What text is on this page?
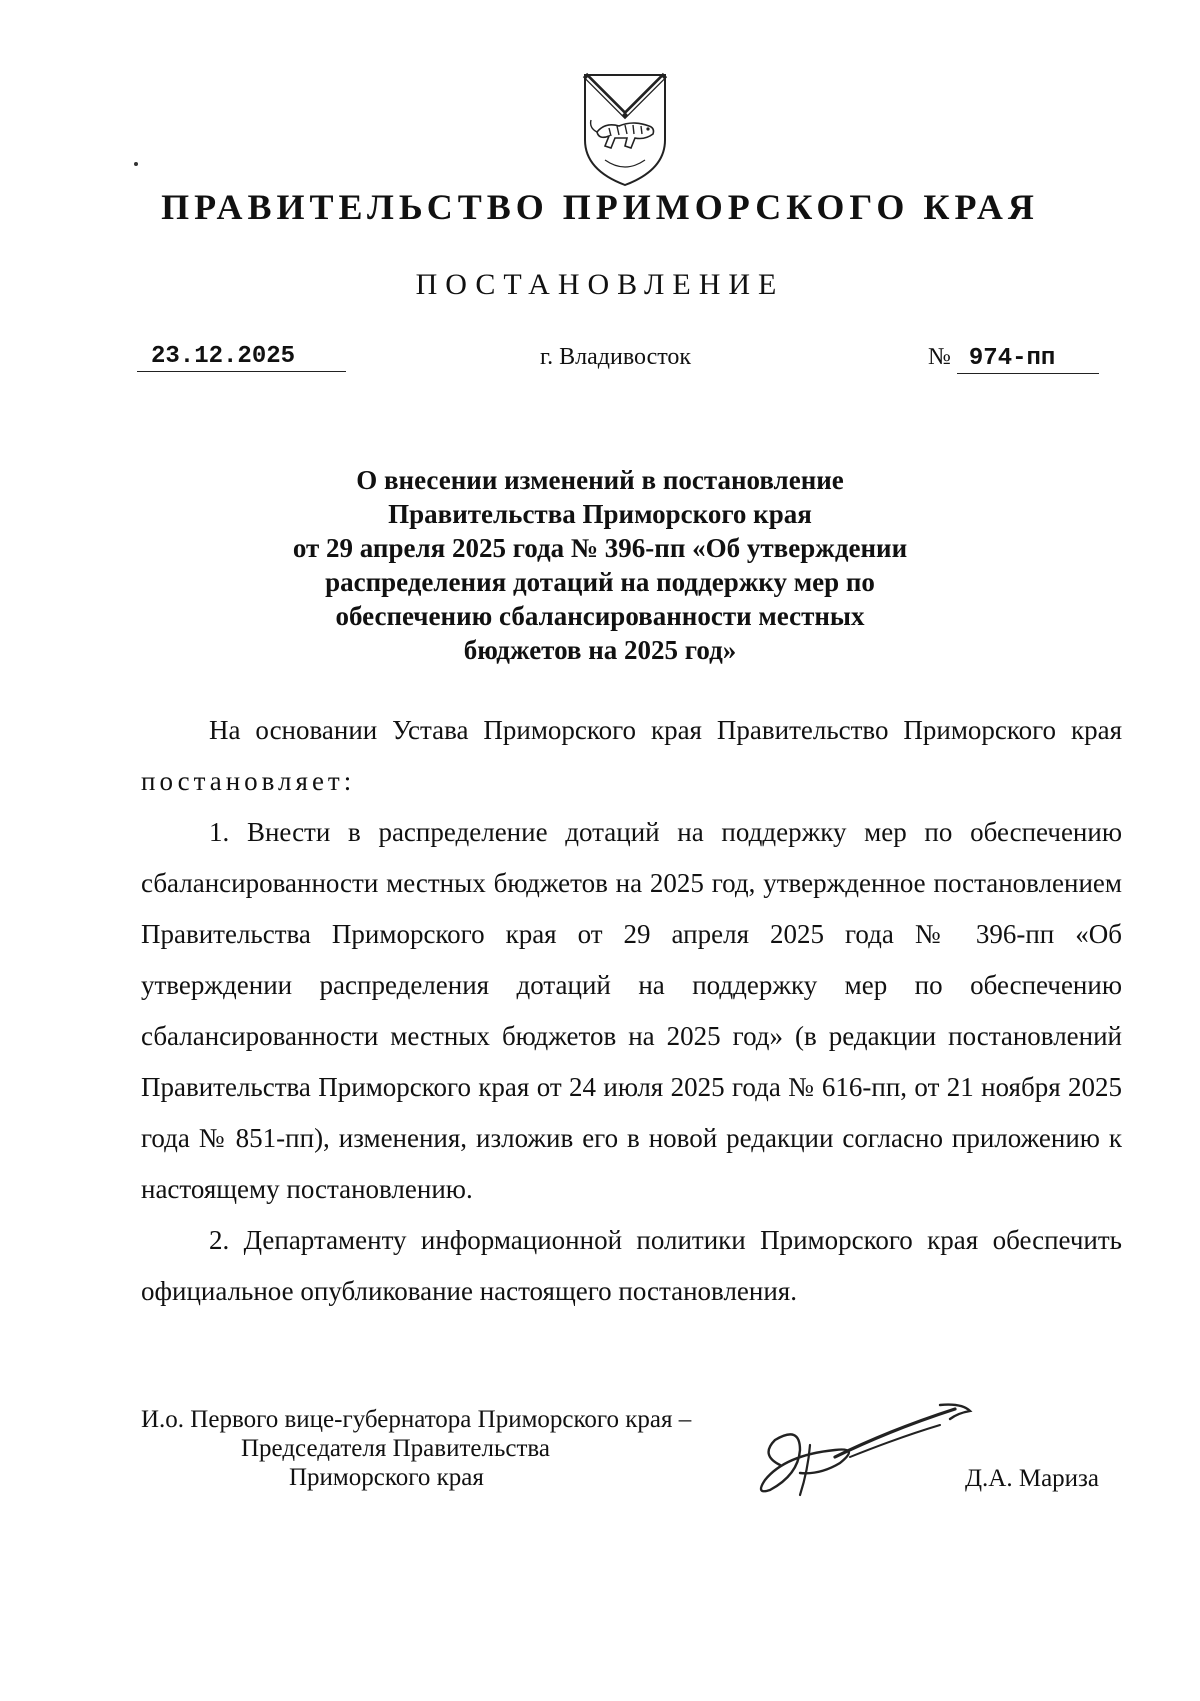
ПРАВИТЕЛЬСТВО ПРИМОРСКОГО КРАЯ
ПОСТАНОВЛЕНИЕ
23.12.2025	г. Владивосток	№ 974-пп
О внесении изменений в постановление
Правительства Приморского края
от 29 апреля 2025 года № 396-пп «Об утверждении
распределения дотаций на поддержку мер по
обеспечению сбалансированности местных
бюджетов на 2025 год»

На основании Устава Приморского края Правительство Приморского края постановляет:

1. Внести в распределение дотаций на поддержку мер по обеспечению сбалансированности местных бюджетов на 2025 год, утвержденное постановлением Правительства Приморского края от 29 апреля 2025 года № 396-пп «Об утверждении распределения дотаций на поддержку мер по обеспечению сбалансированности местных бюджетов на 2025 год» (в редакции постановлений Правительства Приморского края от 24 июля 2025 года № 616-пп, от 21 ноября 2025 года № 851-пп), изменения, изложив его в новой редакции согласно приложению к настоящему постановлению.

2. Департаменту информационной политики Приморского края обеспечить официальное опубликование настоящего постановления.

И.о. Первого вице-губернатора Приморского края –
Председателя Правительства
Приморского края	Д.А. Мариза
